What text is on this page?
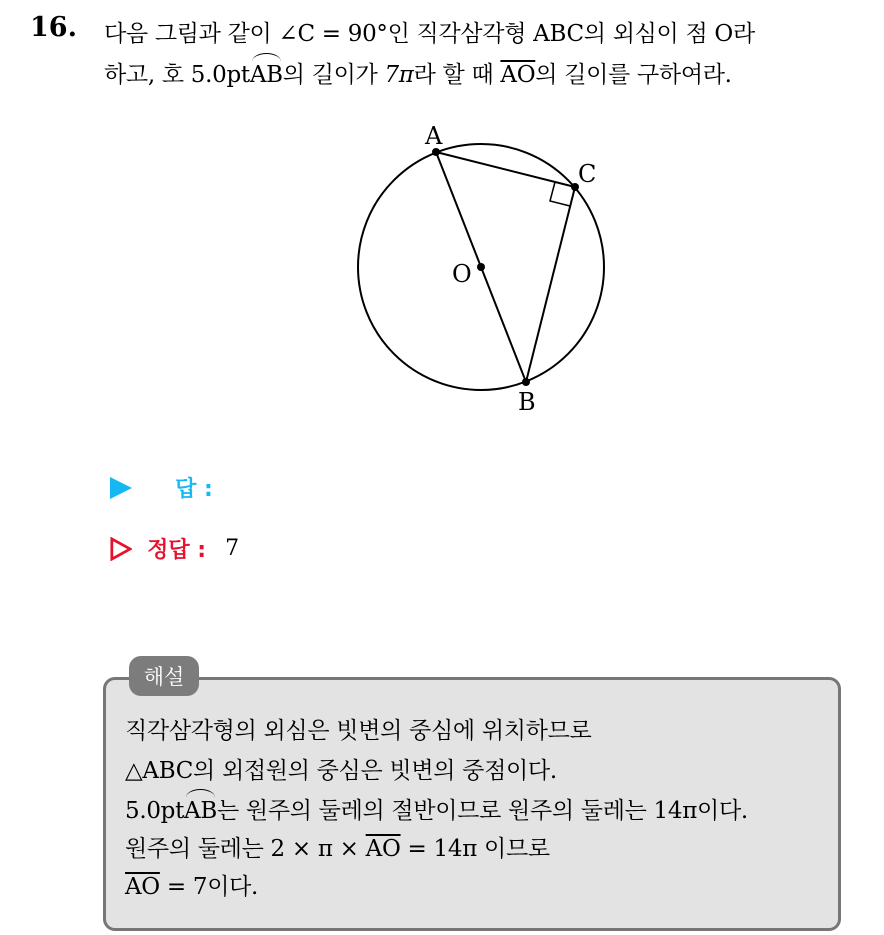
16. 다음 그림과 같이 ∠C = 90°인 직각삼각형 ABC의 외심이 점 O라
하고, 호 5.0ptAB의 길이가 7π라 할 때 $\overline{AO}$의 길이를 구하여라.
A
C
O
B
답 :
정답 : 7
해설
직각삼각형의 외심은 빗변의 중심에 위치하므로
△ABC의 외접원의 중심은 빗변의 중점이다.
5.0ptAB는 원주의 둘레의 절반이므로 원주의 둘레는 14π이다.
원주의 둘레는 $2 \times \pi \times \overline{AO} = 14\pi$ 이므로
$\overline{AO} = 7$이다.
